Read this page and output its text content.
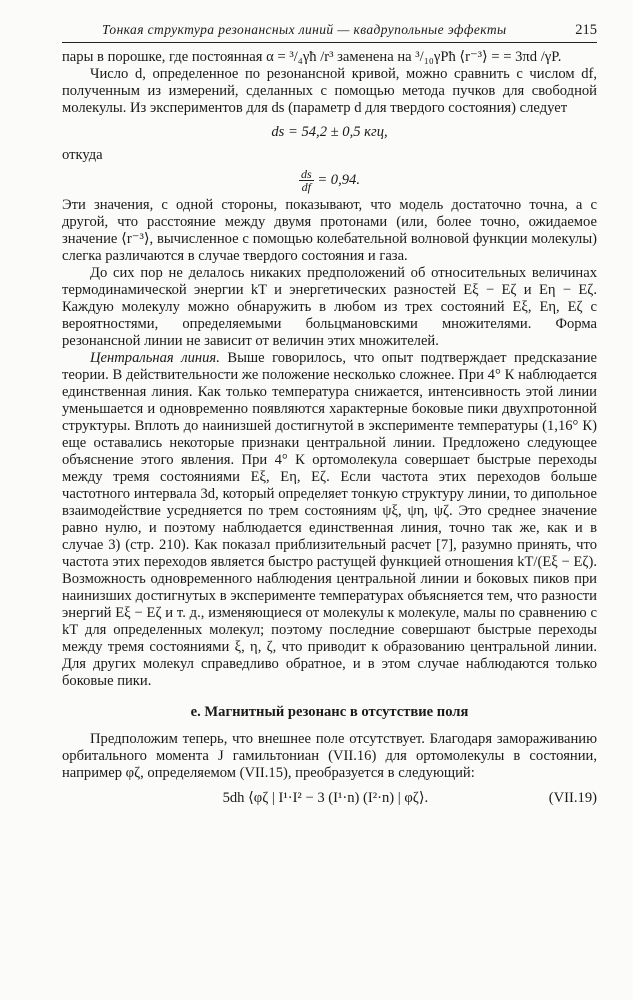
Тонкая структура резонансных линий — квадрупольные эффекты	215

пары в порошке, где постоянная α = ³/₄γħ /r³ заменена на ³/₁₀γPħ ⟨r⁻³⟩ = = 3πd /γP.

Число d, определенное по резонансной кривой, можно сравнить с числом df, полученным из измерений, сделанных с помощью метода пучков для свободной молекулы. Из экспериментов для ds (параметр d для твердого состояния) следует

ds = 54,2 ± 0,5 кгц,

откуда

$\frac{ds}{df} = 0,94$.

Эти значения, с одной стороны, показывают, что модель достаточно точна, а с другой, что расстояние между двумя протонами (или, более точно, ожидаемое значение ⟨r⁻³⟩, вычисленное с помощью колебательной волновой функции молекулы) слегка различаются в случае твердого состояния и газа.

До сих пор не делалось никаких предположений об относительных величинах термодинамической энергии kT и энергетических разностей Eξ − Eζ и Eη − Eζ. Каждую молекулу можно обнаружить в любом из трех состояний Eξ, Eη, Eζ с вероятностями, определяемыми больцмановскими множителями. Форма резонансной линии не зависит от величин этих множителей.

Центральная линия. Выше говорилось, что опыт подтверждает предсказание теории. В действительности же положение несколько сложнее. При 4° К наблюдается единственная линия. Как только температура снижается, интенсивность этой линии уменьшается и одновременно появляются характерные боковые пики двухпротонной структуры. Вплоть до наинизшей достигнутой в эксперименте температуры (1,16° К) еще оставались некоторые признаки центральной линии. Предложено следующее объяснение этого явления. При 4° К ортомолекула совершает быстрые переходы между тремя состояниями Eξ, Eη, Eζ. Если частота этих переходов больше частотного интервала 3d, который определяет тонкую структуру линии, то дипольное взаимодействие усредняется по трем состояниям ψξ, ψη, ψζ. Это среднее значение равно нулю, и поэтому наблюдается единственная линия, точно так же, как и в случае 3) (стр. 210). Как показал приблизительный расчет [7], разумно принять, что частота этих переходов является быстро растущей функцией отношения kT/(Eξ − Eζ). Возможность одновременного наблюдения центральной линии и боковых пиков при наинизших достигнутых в эксперименте температурах объясняется тем, что разности энергий Eξ − Eζ и т. д., изменяющиеся от молекулы к молекуле, малы по сравнению с kT для определенных молекул; поэтому последние совершают быстрые переходы между тремя состояниями ξ, η, ζ, что приводит к образованию центральной линии. Для других молекул справедливо обратное, и в этом случае наблюдаются только боковые пики.

е. Магнитный резонанс в отсутствие поля

Предположим теперь, что внешнее поле отсутствует. Благодаря замораживанию орбитального момента J гамильтониан (VII.16) для ортомолекулы в состоянии, например φζ, определяемом (VII.15), преобразуется в следующий:

5dh ⟨φζ | I¹·I² − 3 (I¹·n) (I²·n) | φζ⟩.	(VII.19)
